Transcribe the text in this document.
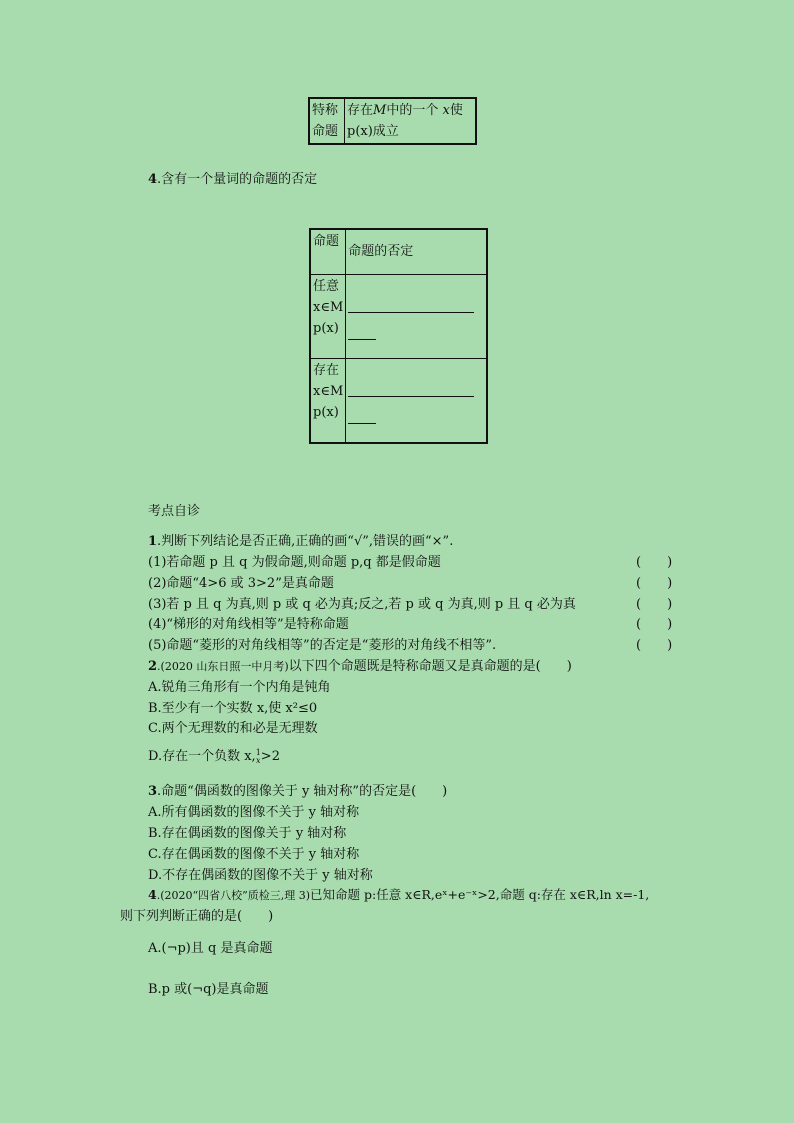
特称命题	存在M中的一个 x使
p(x)成立
4.含有一个量词的命题的否定
命题	命题的否定
任意 x∈M p(x)	

存在 x∈M p(x)	
考点自诊
1.判断下列结论是否正确,正确的画“√”,错误的画“×”.
(1)若命题 p 且 q 为假命题,则命题 p,q 都是假命题	(　　)
(2)命题“4>6 或 3>2”是真命题	(　　)
(3)若 p 且 q 为真,则 p 或 q 必为真;反之,若 p 或 q 为真,则 p 且 q 必为真	(　　)
(4)“梯形的对角线相等”是特称命题	(　　)
(5)命题“菱形的对角线相等”的否定是“菱形的对角线不相等”.	(　　)
2.(2020 山东日照一中月考)以下四个命题既是特称命题又是真命题的是(　　)
A.锐角三角形有一个内角是钝角
B.至少有一个实数 x,使 x²≤0
C.两个无理数的和必是无理数
D.存在一个负数 x,1
x>2
3.命题“偶函数的图像关于 y 轴对称”的否定是(　　)
A.所有偶函数的图像不关于 y 轴对称
B.存在偶函数的图像关于 y 轴对称
C.存在偶函数的图像不关于 y 轴对称
D.不存在偶函数的图像不关于 y 轴对称
4.(2020“四省八校”质检三,理 3)已知命题 p:任意 x∈R,eˣ+e⁻ˣ>2,命题 q:存在 x∈R,ln x=-1,
则下列判断正确的是(　　)
A.(¬p)且 q 是真命题
B.p 或(¬q)是真命题
